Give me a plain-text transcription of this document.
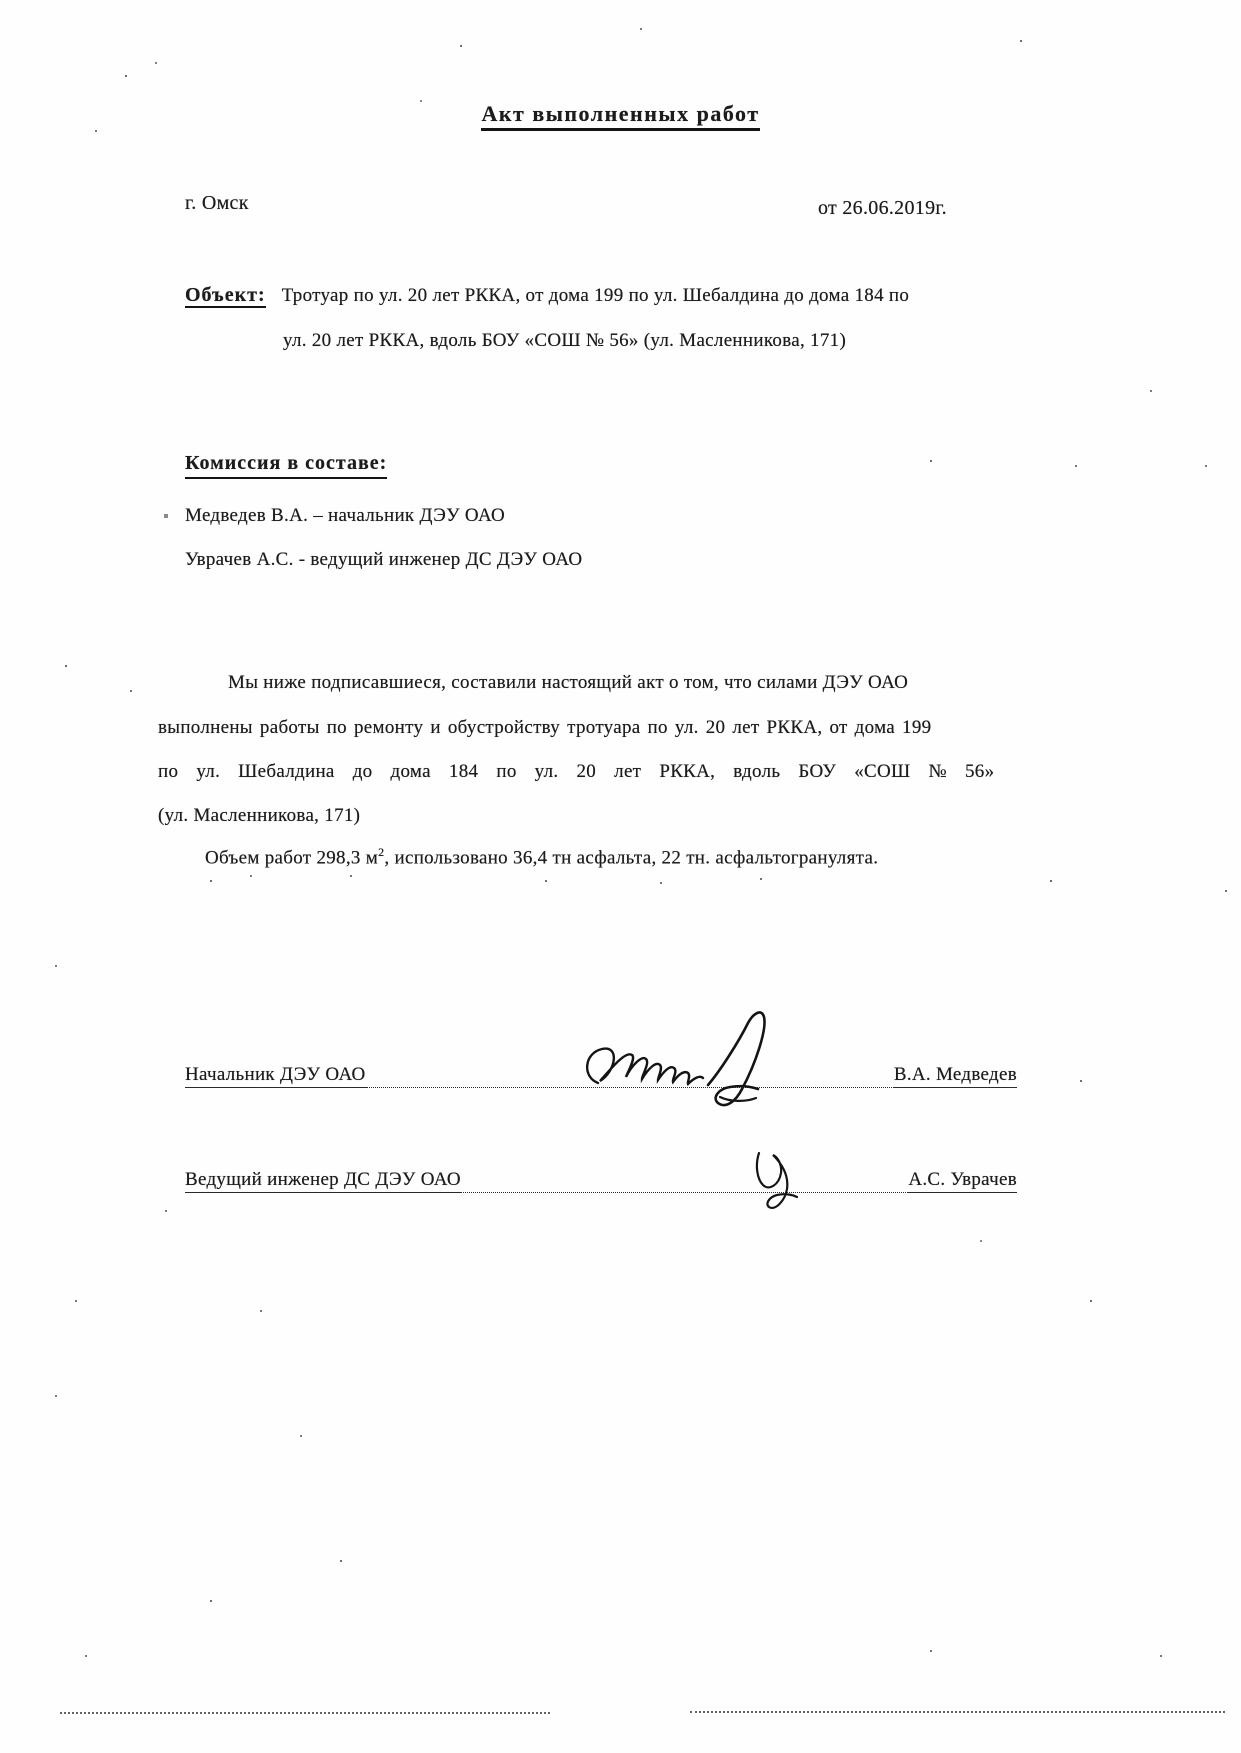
Акт выполненных работ
г. Омск	от 26.06.2019г.
Объект: Тротуар по ул. 20 лет РККА, от дома 199 по ул. Шебалдина до дома 184 по
ул. 20 лет РККА, вдоль БОУ «СОШ № 56» (ул. Масленникова, 171)
Комиссия в составе:
Медведев В.А. – начальник ДЭУ ОАО
Уврачев А.С. - ведущий инженер ДС ДЭУ ОАО
Мы ниже подписавшиеся, составили настоящий акт о том, что силами ДЭУ ОАО
выполнены работы по ремонту и обустройству тротуара по ул. 20 лет РККА, от дома 199
по ул. Шебалдина до дома 184 по ул. 20 лет РККА, вдоль БОУ «СОШ № 56»
(ул. Масленникова, 171)
Объем работ 298,3 $м^2$, использовано 36,4 тн асфальта, 22 тн. асфальтогранулята.
Начальник ДЭУ ОАО	В.А. Медведев
Ведущий инженер ДС ДЭУ ОАО	А.С. Уврачев
